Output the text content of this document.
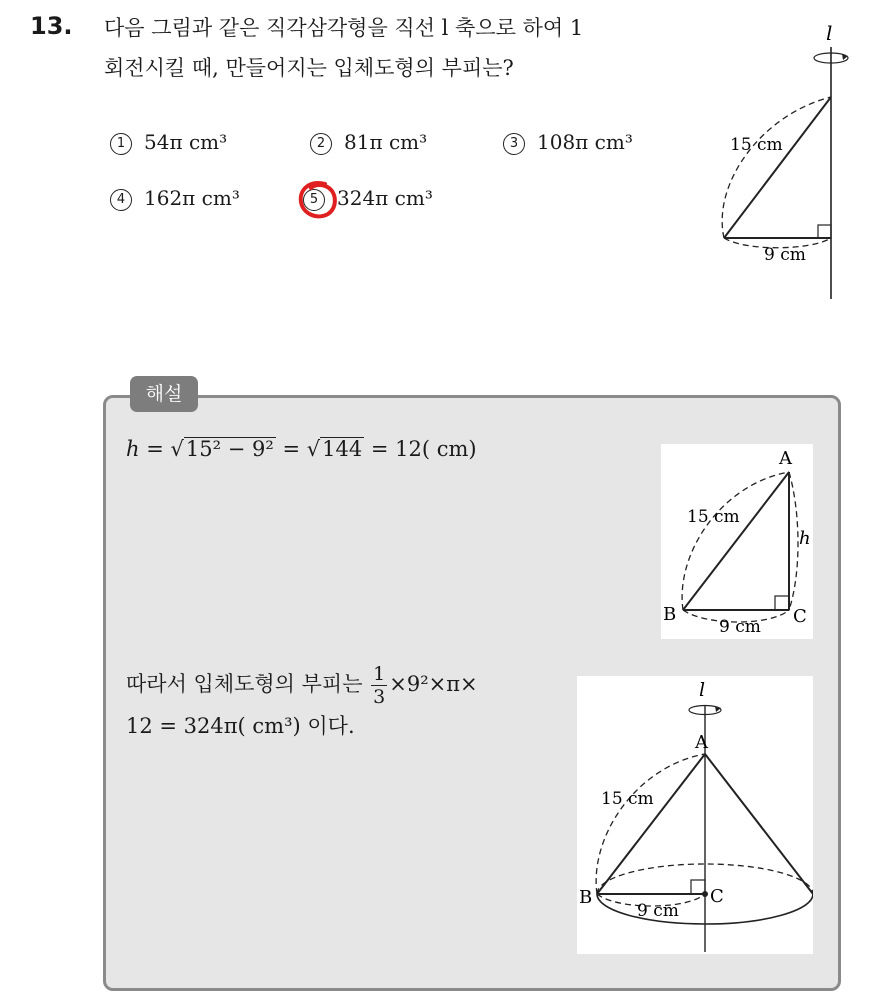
13. 다음 그림과 같은 직각삼각형을 직선 l 축으로 하여 1
회전시킬 때, 만들어지는 입체도형의 부피는?
1 54π cm³	2 81π cm³	3 108π cm³
4 162π cm³	5 324π cm³
l
15 cm
9 cm
해설
h = √15² − 9² = √144 = 12( cm)
따라서 입체도형의 부피는 $\frac{1}{3} \times 9^2\times\pi\times$
12 = 324π( cm³) 이다.
A
B	C
h
15 cm
9 cm
l
A
B	C
15 cm
9 cm
